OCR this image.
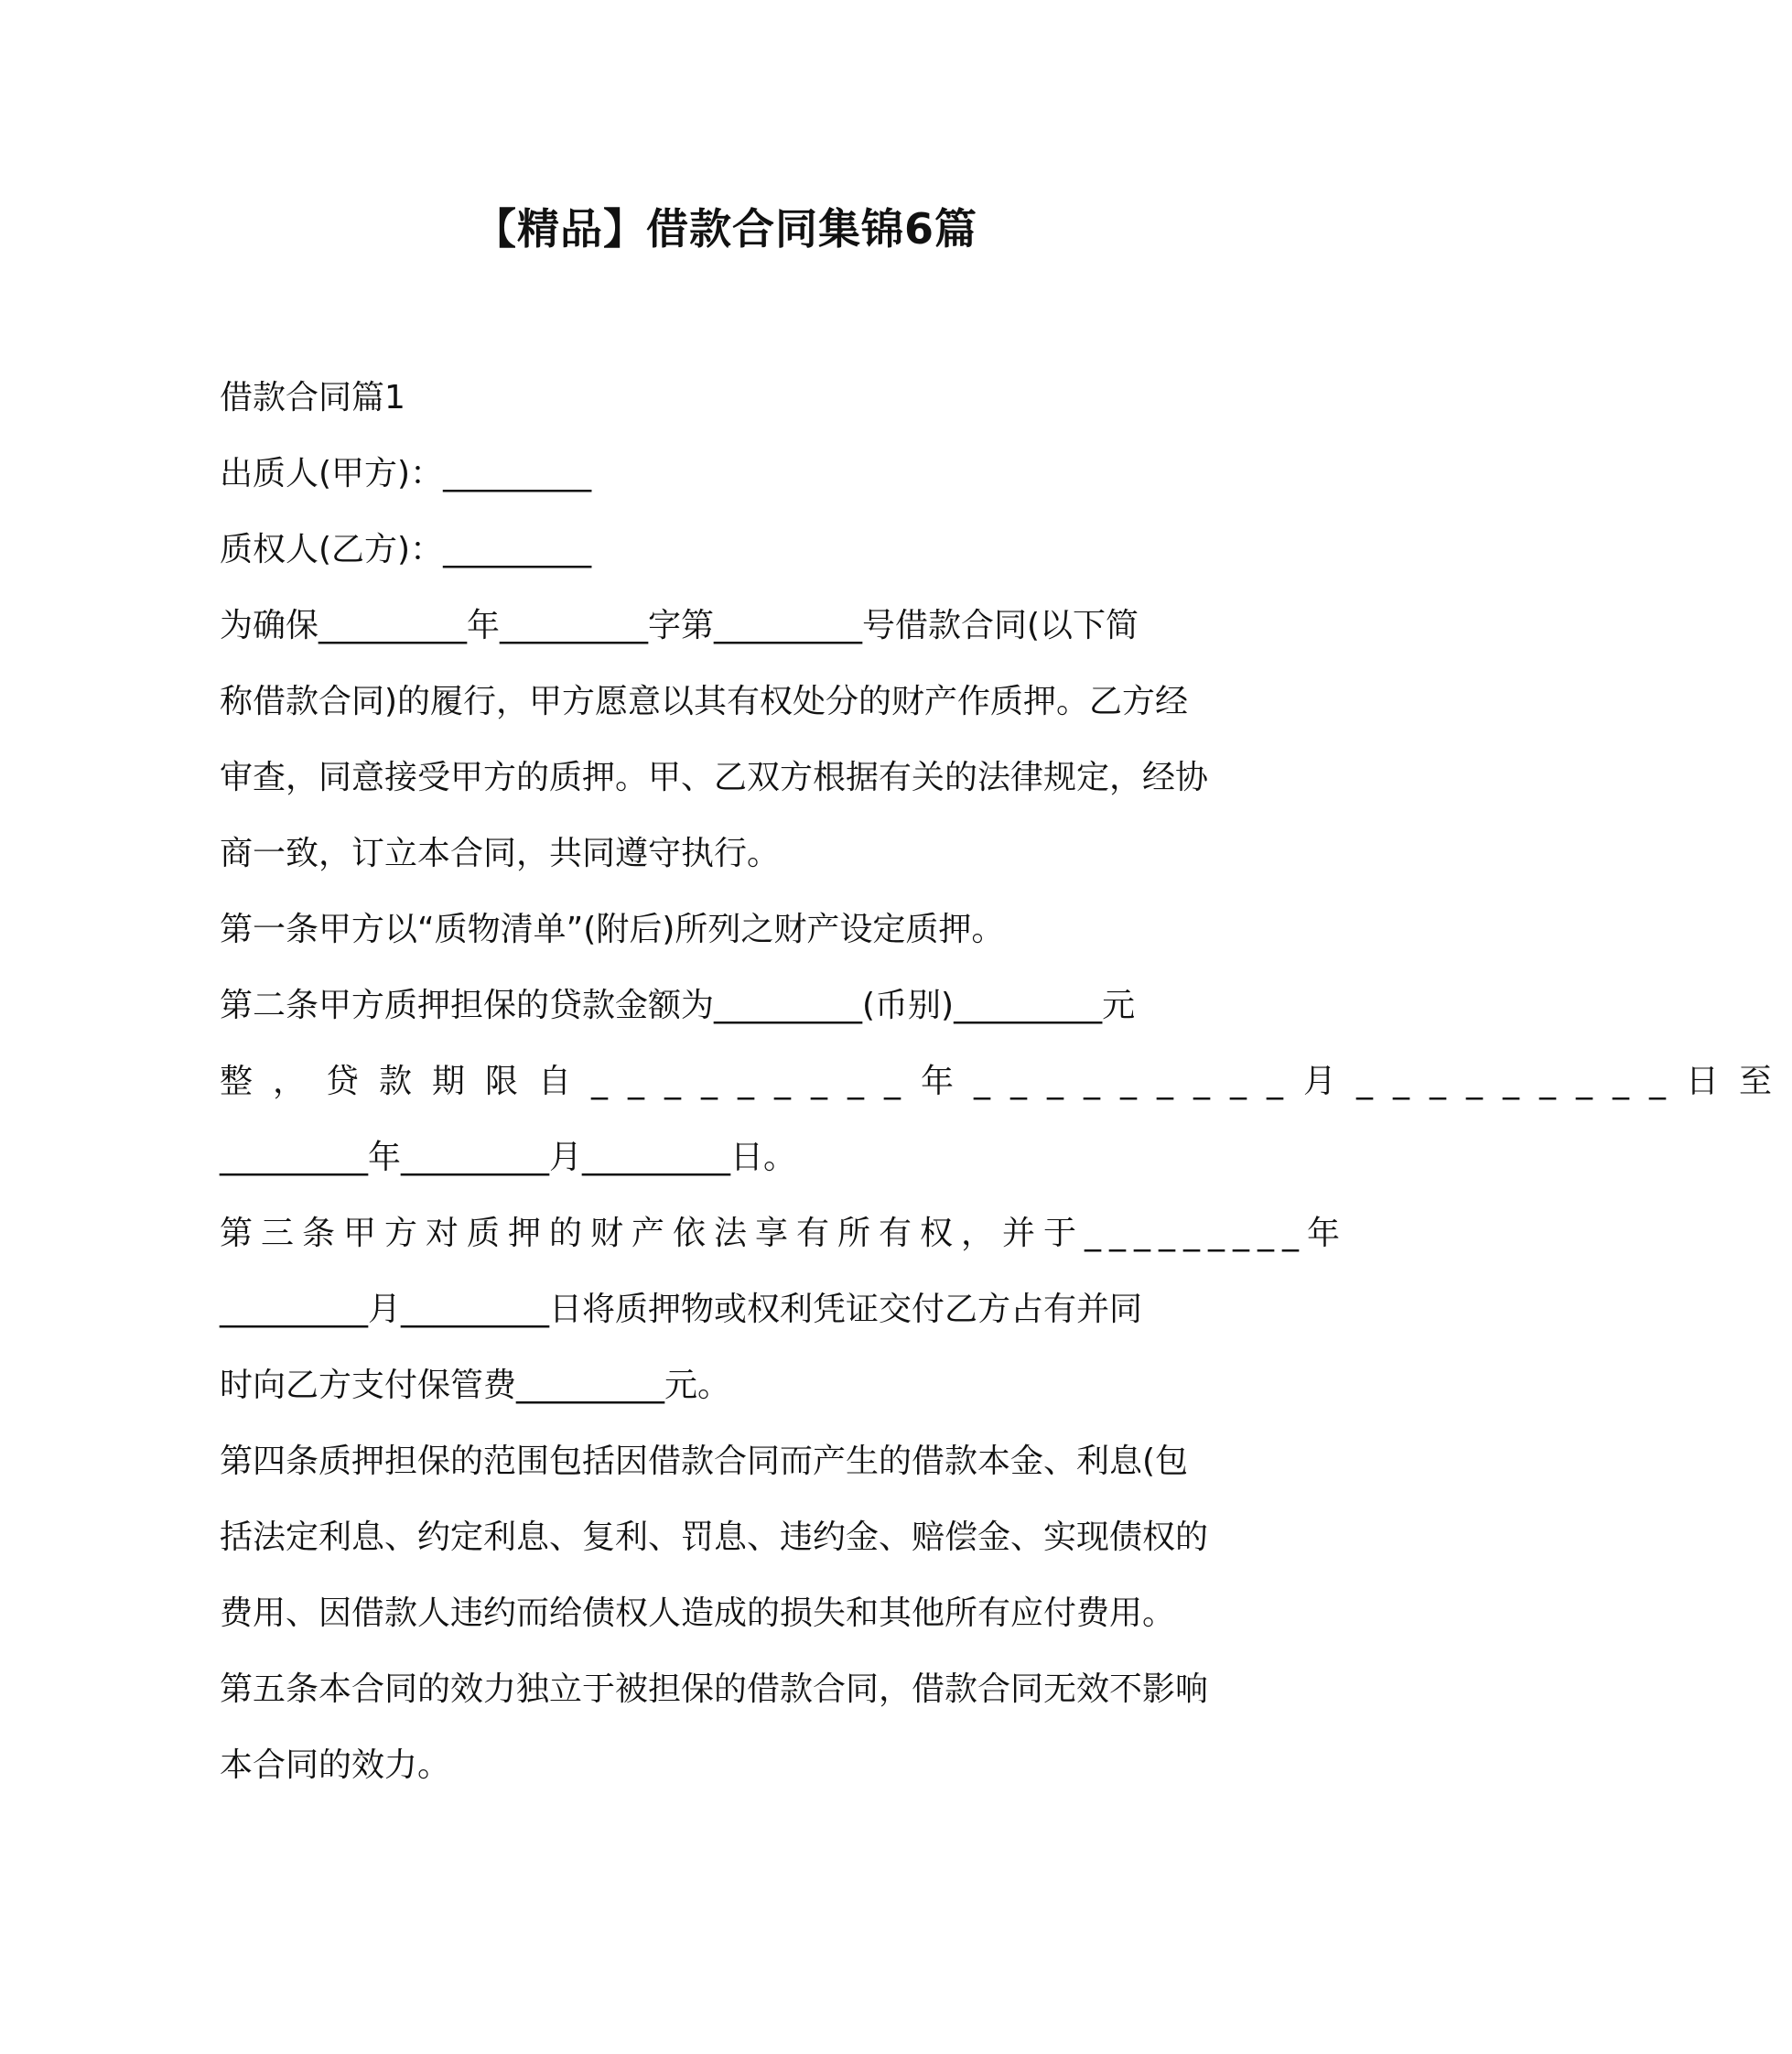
【精品】借款合同集锦6篇
借款合同篇1
出质人(甲方)：_________
质权人(乙方)：_________
为确保_________年_________字第_________号借款合同(以下简
称借款合同)的履行，甲方愿意以其有权处分的财产作质押。乙方经
审查，同意接受甲方的质押。甲、乙双方根据有关的法律规定，经协
商一致，订立本合同，共同遵守执行。
第一条甲方以“质物清单”(附后)所列之财产设定质押。
第二条甲方质押担保的贷款金额为_________(币别)_________元
整，贷款期限自_________年_________月_________日至
_________年_________月_________日。
第三条甲方对质押的财产依法享有所有权，并于_________年
_________月_________日将质押物或权利凭证交付乙方占有并同
时向乙方支付保管费_________元。
第四条质押担保的范围包括因借款合同而产生的借款本金、利息(包
括法定利息、约定利息、复利、罚息、违约金、赔偿金、实现债权的
费用、因借款人违约而给债权人造成的损失和其他所有应付费用。
第五条本合同的效力独立于被担保的借款合同，借款合同无效不影响
本合同的效力。
